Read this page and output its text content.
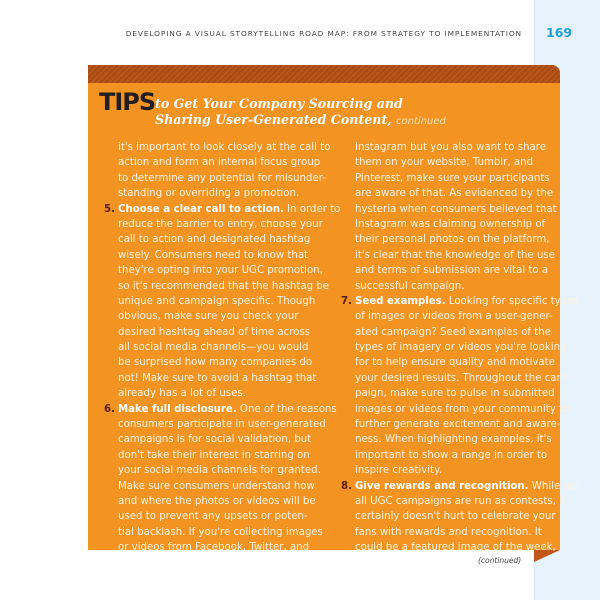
DEVELOPING A VISUAL STORYTELLING ROAD MAP: FROM STRATEGY TO IMPLEMENTATION 169
TIPS to Get Your Company Sourcing and
Sharing User-Generated Content, continued
it's important to look closely at the call to
action and form an internal focus group
to determine any potential for misunder-
standing or overriding a promotion.
5. Choose a clear call to action. In order to
reduce the barrier to entry, choose your
call to action and designated hashtag
wisely. Consumers need to know that
they're opting into your UGC promotion,
so it's recommended that the hashtag be
unique and campaign specific. Though
obvious, make sure you check your
desired hashtag ahead of time across
all social media channels—you would
be surprised how many companies do
not! Make sure to avoid a hashtag that
already has a lot of uses.
6. Make full disclosure. One of the reasons
consumers participate in user-generated
campaigns is for social validation, but
don't take their interest in starring on
your social media channels for granted.
Make sure consumers understand how
and where the photos or videos will be
used to prevent any upsets or poten-
tial backlash. If you're collecting images
or videos from Facebook, Twitter, and
Instagram but you also want to share
them on your website, Tumblr, and
Pinterest, make sure your participants
are aware of that. As evidenced by the
hysteria when consumers believed that
Instagram was claiming ownership of
their personal photos on the platform,
it's clear that the knowledge of the use
and terms of submission are vital to a
successful campaign.
7. Seed examples. Looking for specific types
of images or videos from a user-gener-
ated campaign? Seed examples of the
types of imagery or videos you're looking
for to help ensure quality and motivate
your desired results. Throughout the cam-
paign, make sure to pulse in submitted
images or videos from your community to
further generate excitement and aware-
ness. When highlighting examples, it's
important to show a range in order to
inspire creativity.
8. Give rewards and recognition. While not
all UGC campaigns are run as contests, it
certainly doesn't hurt to celebrate your
fans with rewards and recognition. It
could be a featured image of the week,
(continued)
